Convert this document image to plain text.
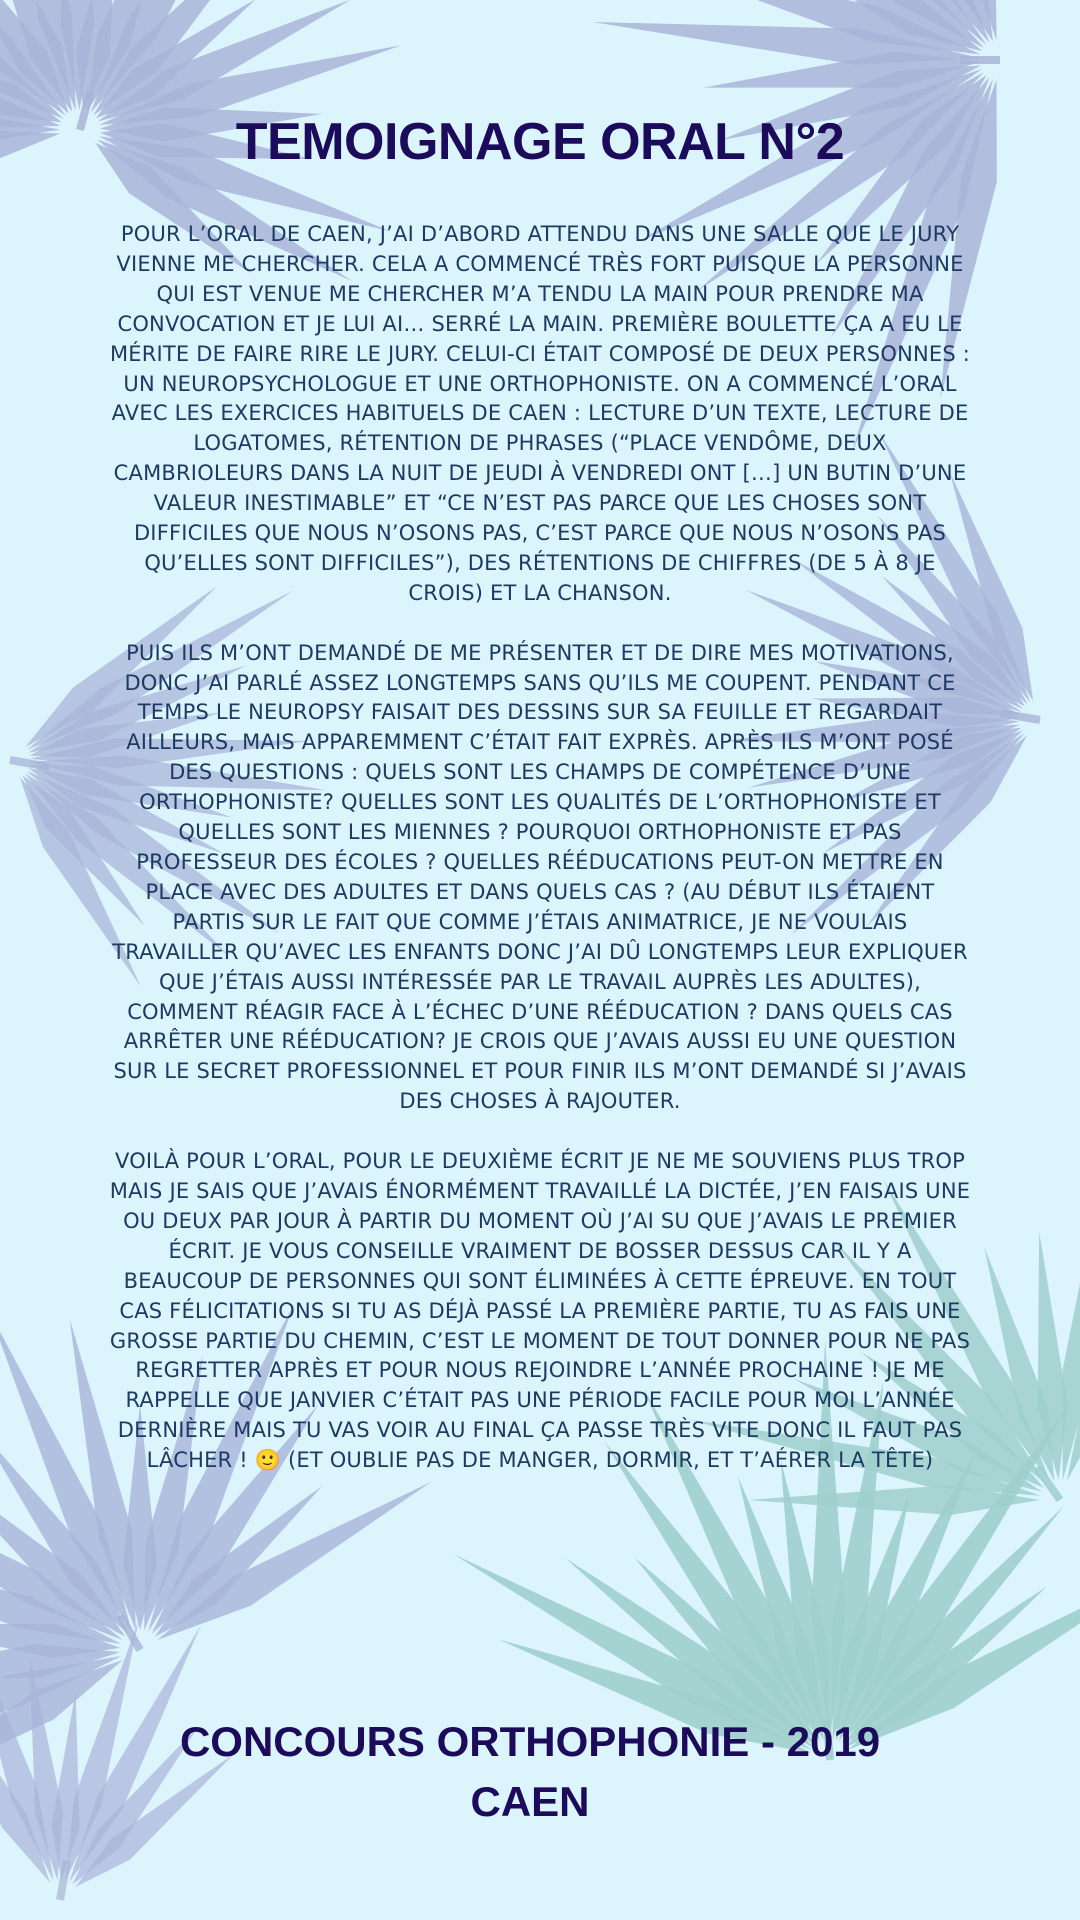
TEMOIGNAGE ORAL N°2

POUR L’ORAL DE CAEN, J’AI D’ABORD ATTENDU DANS UNE SALLE QUE LE JURY VIENNE ME CHERCHER. CELA A COMMENCÉ TRÈS FORT PUISQUE LA PERSONNE QUI EST VENUE ME CHERCHER M’A TENDU LA MAIN POUR PRENDRE MA CONVOCATION ET JE LUI AI… SERRÉ LA MAIN. PREMIÈRE BOULETTE ÇA A EU LE MÉRITE DE FAIRE RIRE LE JURY. CELUI-CI ÉTAIT COMPOSÉ DE DEUX PERSONNES : UN NEUROPSYCHOLOGUE ET UNE ORTHOPHONISTE. ON A COMMENCÉ L’ORAL AVEC LES EXERCICES HABITUELS DE CAEN : LECTURE D’UN TEXTE, LECTURE DE LOGATOMES, RÉTENTION DE PHRASES (“PLACE VENDÔME, DEUX CAMBRIOLEURS DANS LA NUIT DE JEUDI À VENDREDI ONT […] UN BUTIN D’UNE VALEUR INESTIMABLE” ET “CE N’EST PAS PARCE QUE LES CHOSES SONT DIFFICILES QUE NOUS N’OSONS PAS, C’EST PARCE QUE NOUS N’OSONS PAS QU’ELLES SONT DIFFICILES”), DES RÉTENTIONS DE CHIFFRES (DE 5 À 8 JE CROIS) ET LA CHANSON.

PUIS ILS M’ONT DEMANDÉ DE ME PRÉSENTER ET DE DIRE MES MOTIVATIONS, DONC J’AI PARLÉ ASSEZ LONGTEMPS SANS QU’ILS ME COUPENT. PENDANT CE TEMPS LE NEUROPSY FAISAIT DES DESSINS SUR SA FEUILLE ET REGARDAIT AILLEURS, MAIS APPAREMMENT C’ÉTAIT FAIT EXPRÈS. APRÈS ILS M’ONT POSÉ DES QUESTIONS : QUELS SONT LES CHAMPS DE COMPÉTENCE D’UNE ORTHOPHONISTE? QUELLES SONT LES QUALITÉS DE L’ORTHOPHONISTE ET QUELLES SONT LES MIENNES ? POURQUOI ORTHOPHONISTE ET PAS PROFESSEUR DES ÉCOLES ? QUELLES RÉÉDUCATIONS PEUT-ON METTRE EN PLACE AVEC DES ADULTES ET DANS QUELS CAS ? (AU DÉBUT ILS ÉTAIENT PARTIS SUR LE FAIT QUE COMME J’ÉTAIS ANIMATRICE, JE NE VOULAIS TRAVAILLER QU’AVEC LES ENFANTS DONC J’AI DÛ LONGTEMPS LEUR EXPLIQUER QUE J’ÉTAIS AUSSI INTÉRESSÉE PAR LE TRAVAIL AUPRÈS LES ADULTES), COMMENT RÉAGIR FACE À L’ÉCHEC D’UNE RÉÉDUCATION ? DANS QUELS CAS ARRÊTER UNE RÉÉDUCATION? JE CROIS QUE J’AVAIS AUSSI EU UNE QUESTION SUR LE SECRET PROFESSIONNEL ET POUR FINIR ILS M’ONT DEMANDÉ SI J’AVAIS DES CHOSES À RAJOUTER.

VOILÀ POUR L’ORAL, POUR LE DEUXIÈME ÉCRIT JE NE ME SOUVIENS PLUS TROP MAIS JE SAIS QUE J’AVAIS ÉNORMÉMENT TRAVAILLÉ LA DICTÉE, J’EN FAISAIS UNE OU DEUX PAR JOUR À PARTIR DU MOMENT OÙ J’AI SU QUE J’AVAIS LE PREMIER ÉCRIT. JE VOUS CONSEILLE VRAIMENT DE BOSSER DESSUS CAR IL Y A BEAUCOUP DE PERSONNES QUI SONT ÉLIMINÉES À CETTE ÉPREUVE. EN TOUT CAS FÉLICITATIONS SI TU AS DÉJÀ PASSÉ LA PREMIÈRE PARTIE, TU AS FAIS UNE GROSSE PARTIE DU CHEMIN, C’EST LE MOMENT DE TOUT DONNER POUR NE PAS REGRETTER APRÈS ET POUR NOUS REJOINDRE L’ANNÉE PROCHAINE ! JE ME RAPPELLE QUE JANVIER C’ÉTAIT PAS UNE PÉRIODE FACILE POUR MOI L’ANNÉE DERNIÈRE MAIS TU VAS VOIR AU FINAL ÇA PASSE TRÈS VITE DONC IL FAUT PAS LÂCHER ! 🙂 (ET OUBLIE PAS DE MANGER, DORMIR, ET T’AÉRER LA TÊTE)

CONCOURS ORTHOPHONIE - 2019
CAEN
